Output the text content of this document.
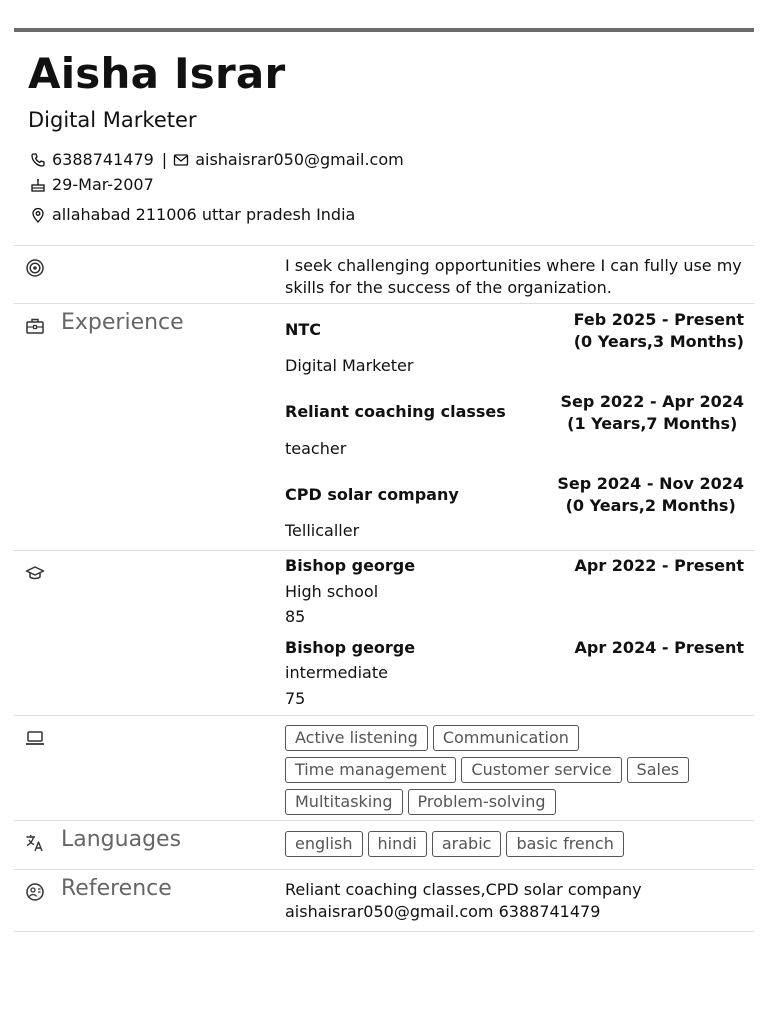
Aisha Israr
Digital Marketer
6388741479 | aishaisrar050@gmail.com
29-Mar-2007
allahabad 211006 uttar pradesh India
I seek challenging opportunities where I can fully use my skills for the success of the organization.
Experience	NTC
Digital Marketer
Feb 2025 - Present
(0 Years,3 Months)
Reliant coaching classes
teacher
Sep 2022 - Apr 2024
(1 Years,7 Months)
CPD solar company
Tellicaller
Sep 2024 - Nov 2024
(0 Years,2 Months)
Bishop george
High school
85
Apr 2022 - Present
Bishop george
intermediate
75
Apr 2024 - Present
Active listening	Communication
Time management	Customer service	Sales
Multitasking	Problem-solving
Languages	english	hindi	arabic	basic french
Reference	Reliant coaching classes,CPD solar company
aishaisrar050@gmail.com 6388741479
